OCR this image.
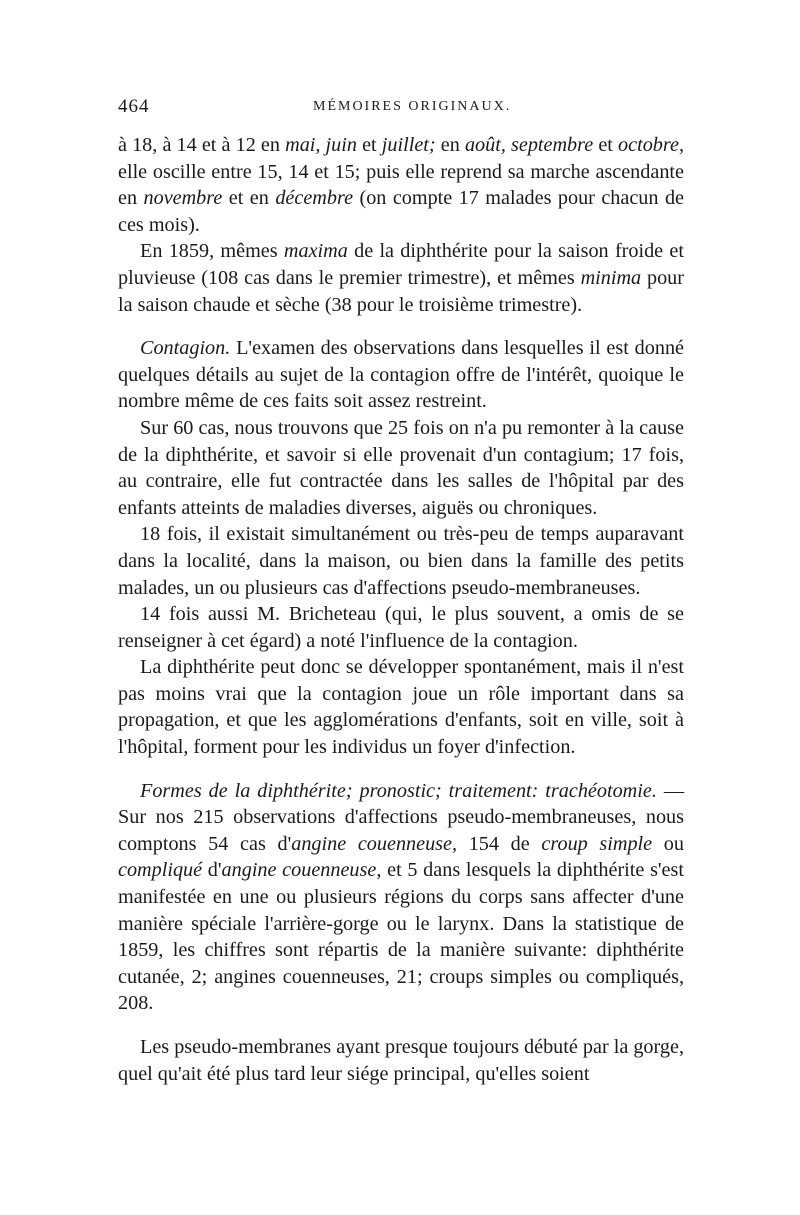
464	MÉMOIRES ORIGINAUX.

à 18, à 14 et à 12 en mai, juin et juillet; en août, septembre et octobre, elle oscille entre 15, 14 et 15; puis elle reprend sa marche ascendante en novembre et en décembre (on compte 17 malades pour chacun de ces mois).

En 1859, mêmes maxima de la diphthérite pour la saison froide et pluvieuse (108 cas dans le premier trimestre), et mêmes minima pour la saison chaude et sèche (38 pour le troisième trimestre).

Contagion. L'examen des observations dans lesquelles il est donné quelques détails au sujet de la contagion offre de l'intérêt, quoique le nombre même de ces faits soit assez restreint.

Sur 60 cas, nous trouvons que 25 fois on n'a pu remonter à la cause de la diphthérite, et savoir si elle provenait d'un contagium; 17 fois, au contraire, elle fut contractée dans les salles de l'hôpital par des enfants atteints de maladies diverses, aiguës ou chroniques.

18 fois, il existait simultanément ou très-peu de temps auparavant dans la localité, dans la maison, ou bien dans la famille des petits malades, un ou plusieurs cas d'affections pseudo-membraneuses.

14 fois aussi M. Bricheteau (qui, le plus souvent, a omis de se renseigner à cet égard) a noté l'influence de la contagion.

La diphthérite peut donc se développer spontanément, mais il n'est pas moins vrai que la contagion joue un rôle important dans sa propagation, et que les agglomérations d'enfants, soit en ville, soit à l'hôpital, forment pour les individus un foyer d'infection.

Formes de la diphthérite; pronostic; traitement: trachéotomie. — Sur nos 215 observations d'affections pseudo-membraneuses, nous comptons 54 cas d'angine couenneuse, 154 de croup simple ou compliqué d'angine couenneuse, et 5 dans lesquels la diphthérite s'est manifestée en une ou plusieurs régions du corps sans affecter d'une manière spéciale l'arrière-gorge ou le larynx. Dans la statistique de 1859, les chiffres sont répartis de la manière suivante: diphthérite cutanée, 2; angines couenneuses, 21; croups simples ou compliqués, 208.

Les pseudo-membranes ayant presque toujours débuté par la gorge, quel qu'ait été plus tard leur siége principal, qu'elles soient
